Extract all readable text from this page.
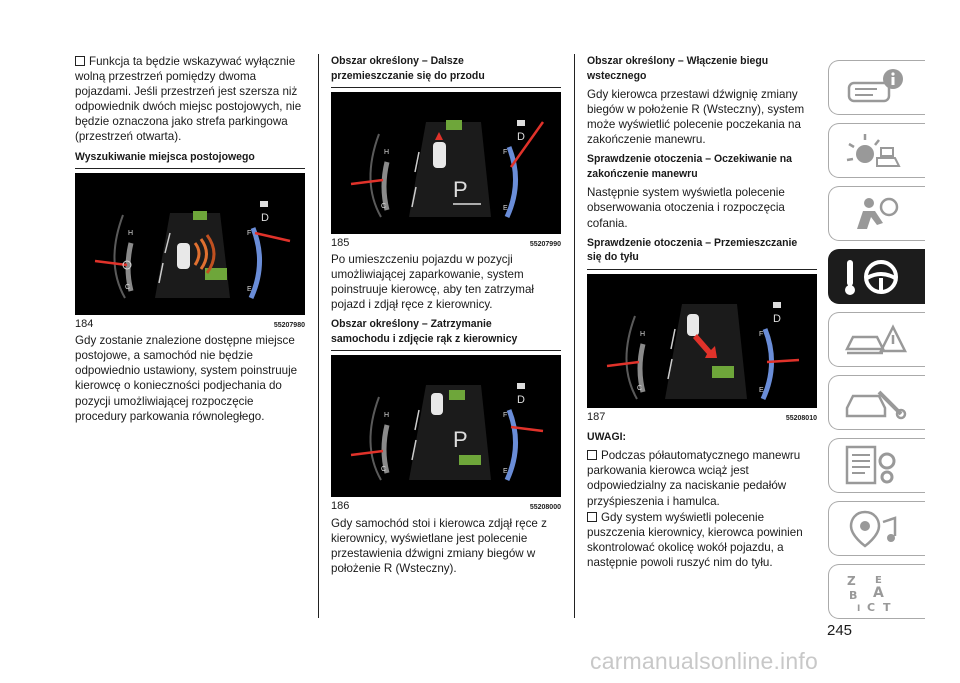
Funkcja ta będzie wskazywać wyłącznie wolną przestrzeń pomiędzy dwoma pojazdami. Jeśli przestrzeń jest szersza niż odpowiednik dwóch miejsc postojowych, nie będzie oznaczona jako strefa parkingowa (przestrzeń otwarta).

Wyszukiwanie miejsca postojowego
H
C
D
F
E
184	55207980

Gdy zostanie znalezione dostępne miejsce postojowe, a samochód nie będzie odpowiednio ustawiony, system poinstruuje kierowcę o konieczności podjechania do pozycji umożliwiającej rozpoczęcie procedury parkowania równoległego.

Obszar określony – Dalsze przemieszczanie się do przodu
H
C
P
D
F
E
185	55207990

Po umieszczeniu pojazdu w pozycji umożliwiającej zaparkowanie, system poinstruuje kierowcę, aby ten zatrzymał pojazd i zdjął ręce z kierownicy.

Obszar określony – Zatrzymanie samochodu i zdjęcie rąk z kierownicy
H
C
P
D
F
E
186	55208000

Gdy samochód stoi i kierowca zdjął ręce z kierownicy, wyświetlane jest polecenie przestawienia dźwigni zmiany biegów w położenie R (Wsteczny).

Obszar określony – Włączenie biegu wstecznego

Gdy kierowca przestawi dźwignię zmiany biegów w położenie R (Wsteczny), system może wyświetlić polecenie poczekania na zakończenie manewru.

Sprawdzenie otoczenia – Oczekiwanie na zakończenie manewru

Następnie system wyświetla polecenie obserwowania otoczenia i rozpoczęcia cofania.

Sprawdzenie otoczenia – Przemieszczanie się do tyłu
H
C
D
F
E
187	55208010
UWAGI:

Podczas półautomatycznego manewru parkowania kierowca wciąż jest odpowiedzialny za naciskanie pedałów przyśpieszenia i hamulca.

Gdy system wyświetli polecenie puszczenia kierownicy, kierowca powinien skontrolować okolicę wokół pojazdu, a następnie powoli ruszyć nim do tyłu.

Z E
A
B
C T
I
245
carmanualsonline.info
